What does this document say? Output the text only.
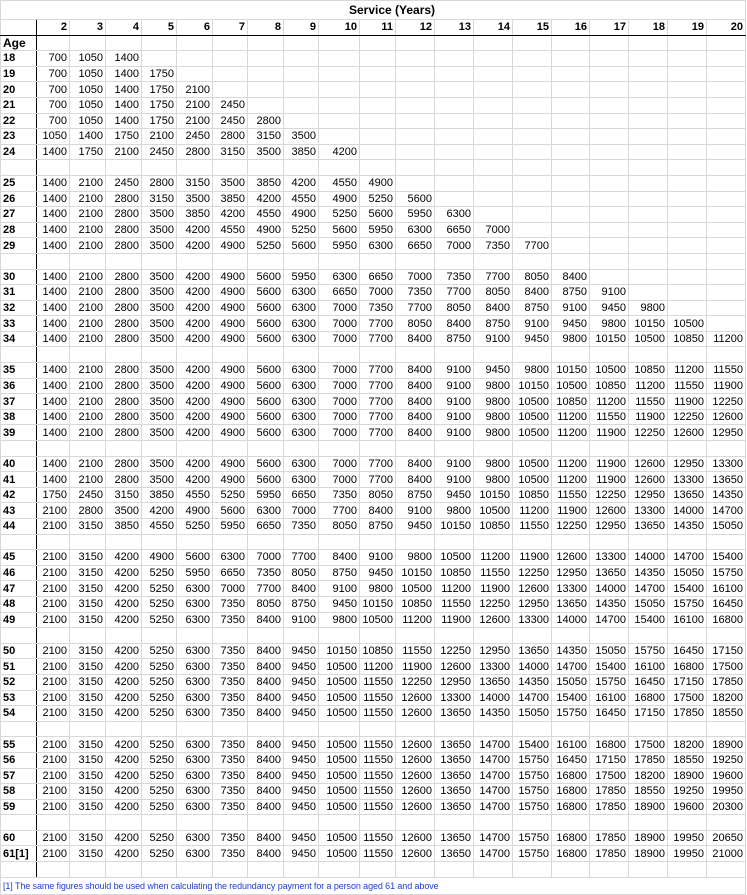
Service (Years)																			
	2	3	4	5	6	7	8	9	10	11	12	13	14	15	16	17	18	19	20
Age																			
18	700	1050	1400																
19	700	1050	1400	1750															
20	700	1050	1400	1750	2100														
21	700	1050	1400	1750	2100	2450													
22	700	1050	1400	1750	2100	2450	2800												
23	1050	1400	1750	2100	2450	2800	3150	3500											
24	1400	1750	2100	2450	2800	3150	3500	3850	4200										

25	1400	2100	2450	2800	3150	3500	3850	4200	4550	4900									
26	1400	2100	2800	3150	3500	3850	4200	4550	4900	5250	5600								
27	1400	2100	2800	3500	3850	4200	4550	4900	5250	5600	5950	6300							
28	1400	2100	2800	3500	4200	4550	4900	5250	5600	5950	6300	6650	7000						
29	1400	2100	2800	3500	4200	4900	5250	5600	5950	6300	6650	7000	7350	7700					

30	1400	2100	2800	3500	4200	4900	5600	5950	6300	6650	7000	7350	7700	8050	8400				
31	1400	2100	2800	3500	4200	4900	5600	6300	6650	7000	7350	7700	8050	8400	8750	9100			
32	1400	2100	2800	3500	4200	4900	5600	6300	7000	7350	7700	8050	8400	8750	9100	9450	9800		
33	1400	2100	2800	3500	4200	4900	5600	6300	7000	7700	8050	8400	8750	9100	9450	9800	10150	10500	
34	1400	2100	2800	3500	4200	4900	5600	6300	7000	7700	8400	8750	9100	9450	9800	10150	10500	10850	11200

35	1400	2100	2800	3500	4200	4900	5600	6300	7000	7700	8400	9100	9450	9800	10150	10500	10850	11200	11550
36	1400	2100	2800	3500	4200	4900	5600	6300	7000	7700	8400	9100	9800	10150	10500	10850	11200	11550	11900
37	1400	2100	2800	3500	4200	4900	5600	6300	7000	7700	8400	9100	9800	10500	10850	11200	11550	11900	12250
38	1400	2100	2800	3500	4200	4900	5600	6300	7000	7700	8400	9100	9800	10500	11200	11550	11900	12250	12600
39	1400	2100	2800	3500	4200	4900	5600	6300	7000	7700	8400	9100	9800	10500	11200	11900	12250	12600	12950

40	1400	2100	2800	3500	4200	4900	5600	6300	7000	7700	8400	9100	9800	10500	11200	11900	12600	12950	13300
41	1400	2100	2800	3500	4200	4900	5600	6300	7000	7700	8400	9100	9800	10500	11200	11900	12600	13300	13650
42	1750	2450	3150	3850	4550	5250	5950	6650	7350	8050	8750	9450	10150	10850	11550	12250	12950	13650	14350
43	2100	2800	3500	4200	4900	5600	6300	7000	7700	8400	9100	9800	10500	11200	11900	12600	13300	14000	14700
44	2100	3150	3850	4550	5250	5950	6650	7350	8050	8750	9450	10150	10850	11550	12250	12950	13650	14350	15050

45	2100	3150	4200	4900	5600	6300	7000	7700	8400	9100	9800	10500	11200	11900	12600	13300	14000	14700	15400
46	2100	3150	4200	5250	5950	6650	7350	8050	8750	9450	10150	10850	11550	12250	12950	13650	14350	15050	15750
47	2100	3150	4200	5250	6300	7000	7700	8400	9100	9800	10500	11200	11900	12600	13300	14000	14700	15400	16100
48	2100	3150	4200	5250	6300	7350	8050	8750	9450	10150	10850	11550	12250	12950	13650	14350	15050	15750	16450
49	2100	3150	4200	5250	6300	7350	8400	9100	9800	10500	11200	11900	12600	13300	14000	14700	15400	16100	16800

50	2100	3150	4200	5250	6300	7350	8400	9450	10150	10850	11550	12250	12950	13650	14350	15050	15750	16450	17150
51	2100	3150	4200	5250	6300	7350	8400	9450	10500	11200	11900	12600	13300	14000	14700	15400	16100	16800	17500
52	2100	3150	4200	5250	6300	7350	8400	9450	10500	11550	12250	12950	13650	14350	15050	15750	16450	17150	17850
53	2100	3150	4200	5250	6300	7350	8400	9450	10500	11550	12600	13300	14000	14700	15400	16100	16800	17500	18200
54	2100	3150	4200	5250	6300	7350	8400	9450	10500	11550	12600	13650	14350	15050	15750	16450	17150	17850	18550

55	2100	3150	4200	5250	6300	7350	8400	9450	10500	11550	12600	13650	14700	15400	16100	16800	17500	18200	18900
56	2100	3150	4200	5250	6300	7350	8400	9450	10500	11550	12600	13650	14700	15750	16450	17150	17850	18550	19250
57	2100	3150	4200	5250	6300	7350	8400	9450	10500	11550	12600	13650	14700	15750	16800	17500	18200	18900	19600
58	2100	3150	4200	5250	6300	7350	8400	9450	10500	11550	12600	13650	14700	15750	16800	17850	18550	19250	19950
59	2100	3150	4200	5250	6300	7350	8400	9450	10500	11550	12600	13650	14700	15750	16800	17850	18900	19600	20300

60	2100	3150	4200	5250	6300	7350	8400	9450	10500	11550	12600	13650	14700	15750	16800	17850	18900	19950	20650
61[1]	2100	3150	4200	5250	6300	7350	8400	9450	10500	11550	12600	13650	14700	15750	16800	17850	18900	19950	21000

[1] The same figures should be used when calculating the redundancy payment for a person aged 61 and above																			
